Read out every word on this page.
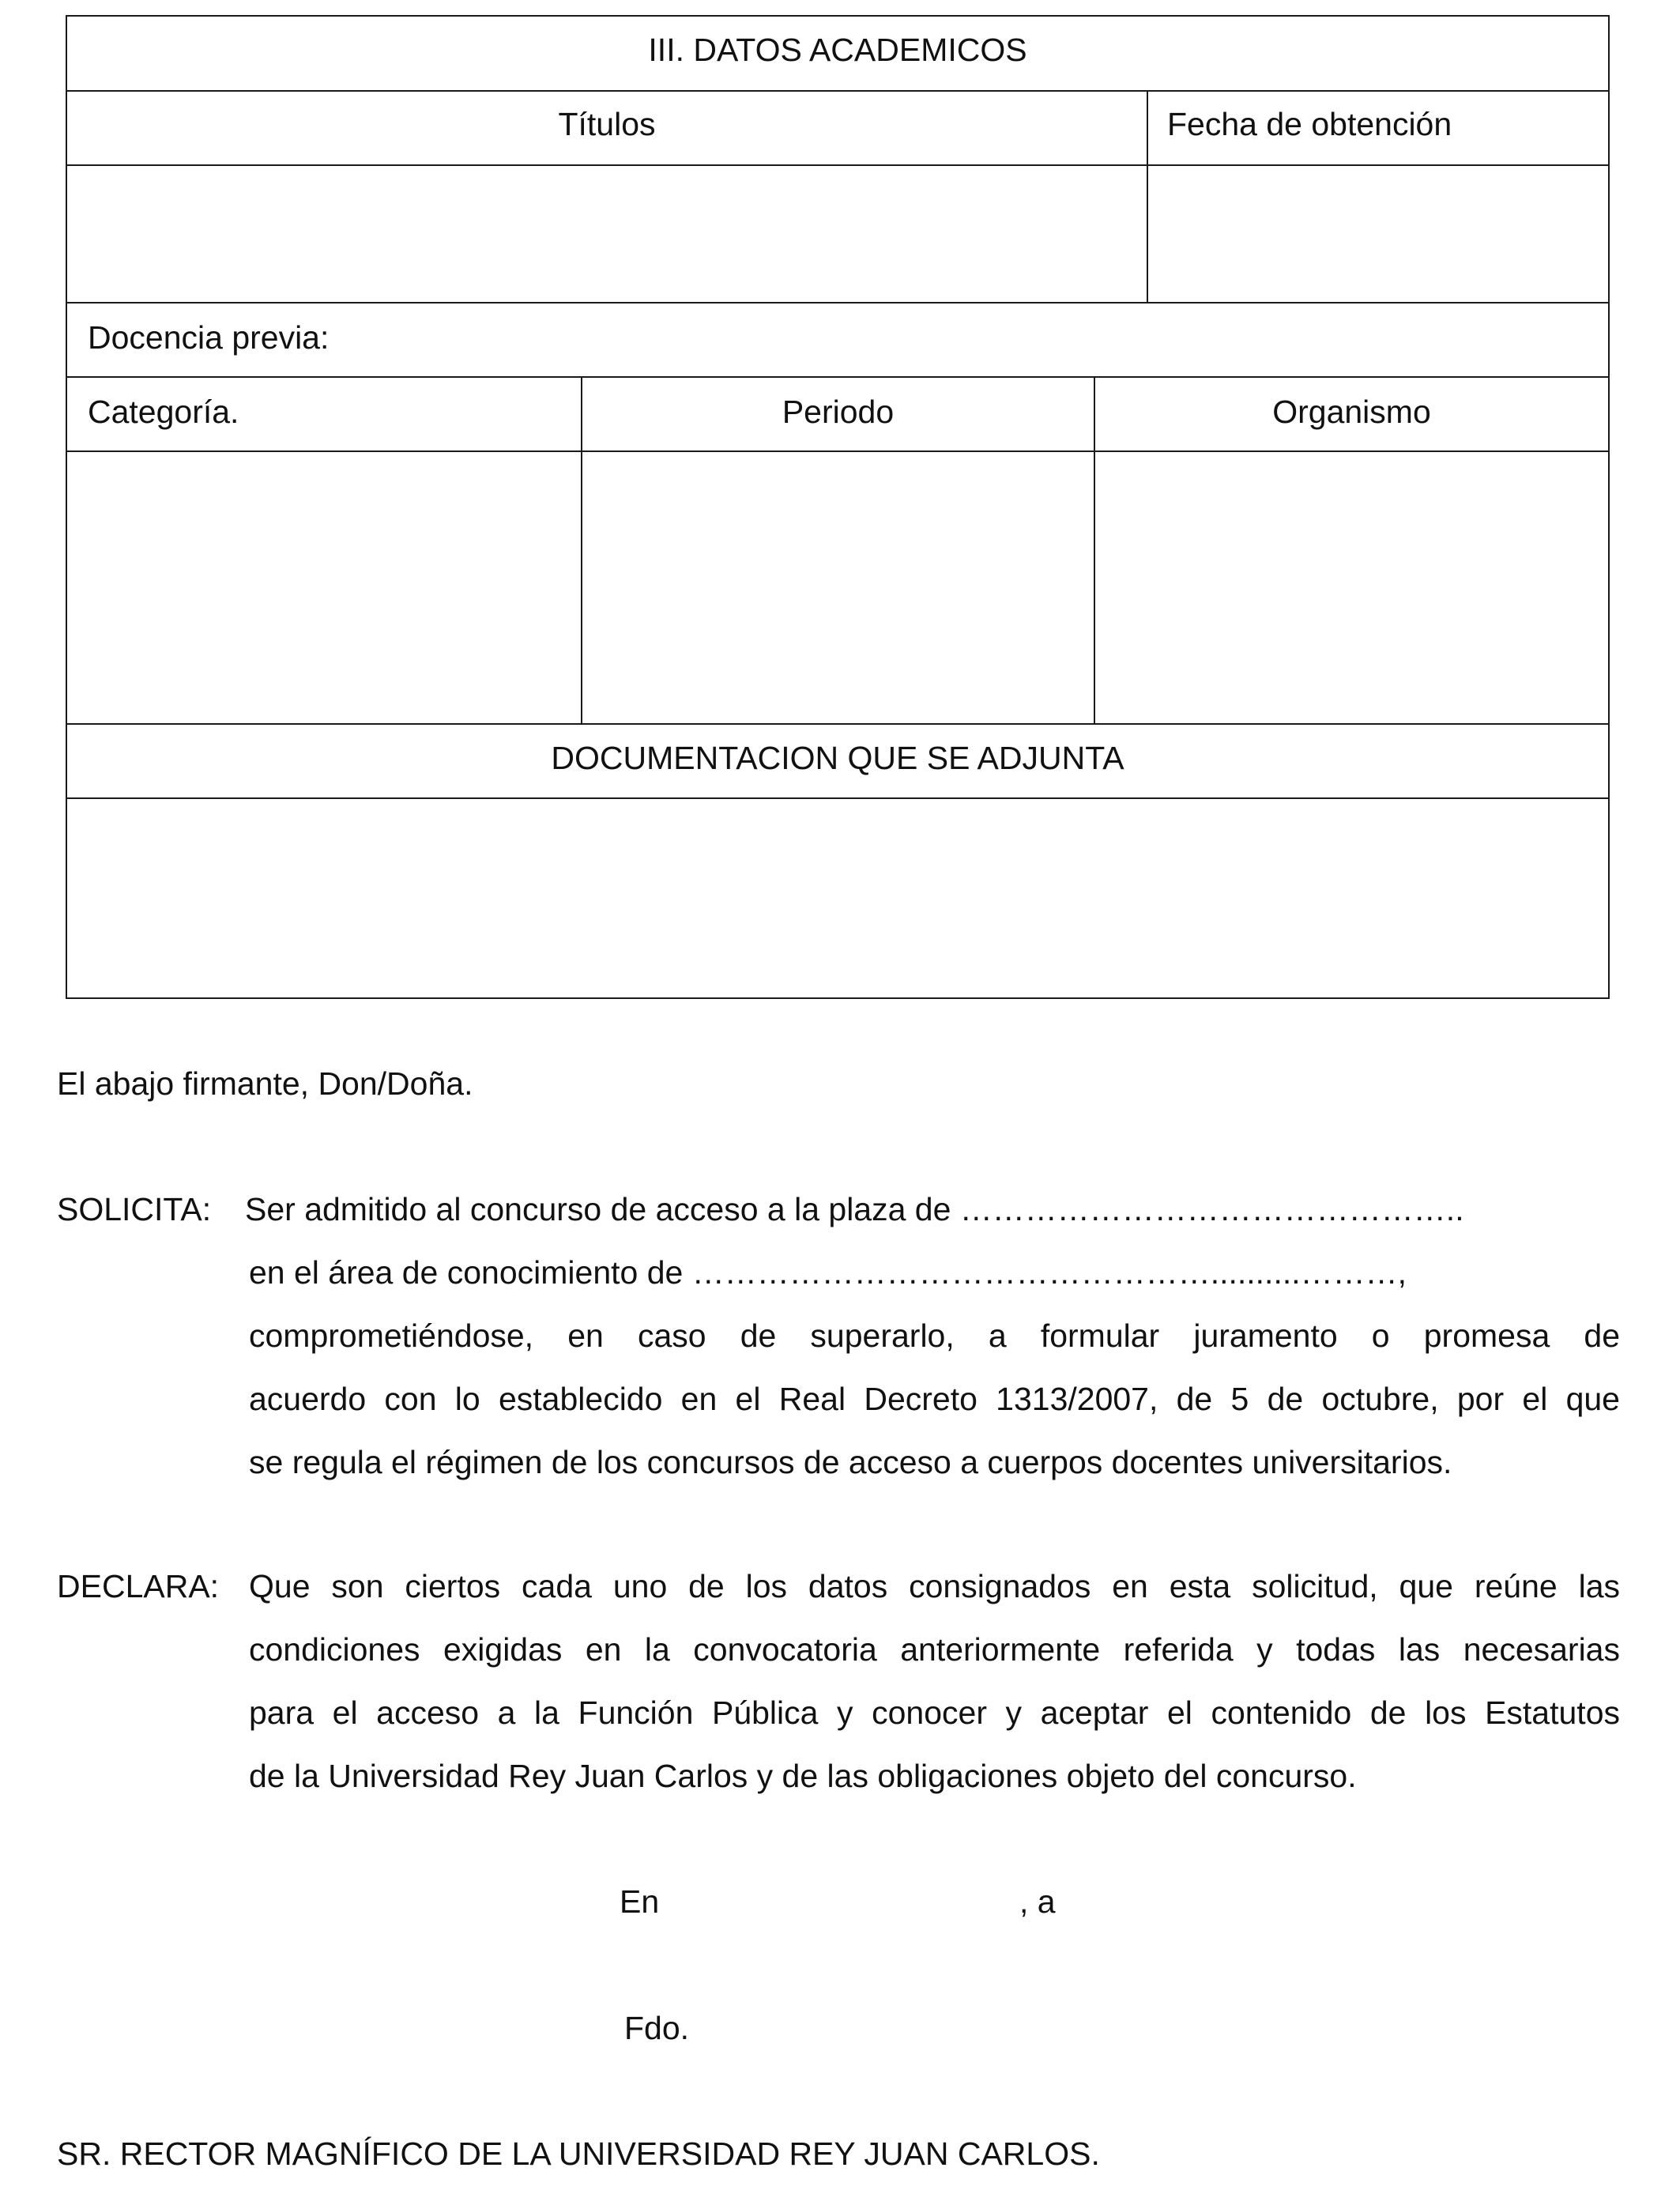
III. DATOS ACADEMICOS
Títulos	Fecha de obtención
Docencia previa:
Categoría.	Periodo	Organismo
DOCUMENTACION QUE SE ADJUNTA
El abajo firmante, Don/Doña.
SOLICITA: Ser admitido al concurso de acceso a la plaza de ………………………………………..
en el área de conocimiento de …………………………………………..........………,
comprometiéndose, en caso de superarlo, a formular juramento o promesa de
acuerdo con lo establecido en el Real Decreto 1313/2007, de 5 de octubre, por el que
se regula el régimen de los concursos de acceso a cuerpos docentes universitarios.
DECLARA: Que son ciertos cada uno de los datos consignados en esta solicitud, que reúne las
condiciones exigidas en la convocatoria anteriormente referida y todas las necesarias
para el acceso a la Función Pública y conocer y aceptar el contenido de los Estatutos
de la Universidad Rey Juan Carlos y de las obligaciones objeto del concurso.
En	, a
Fdo.
SR. RECTOR MAGNÍFICO DE LA UNIVERSIDAD REY JUAN CARLOS.
